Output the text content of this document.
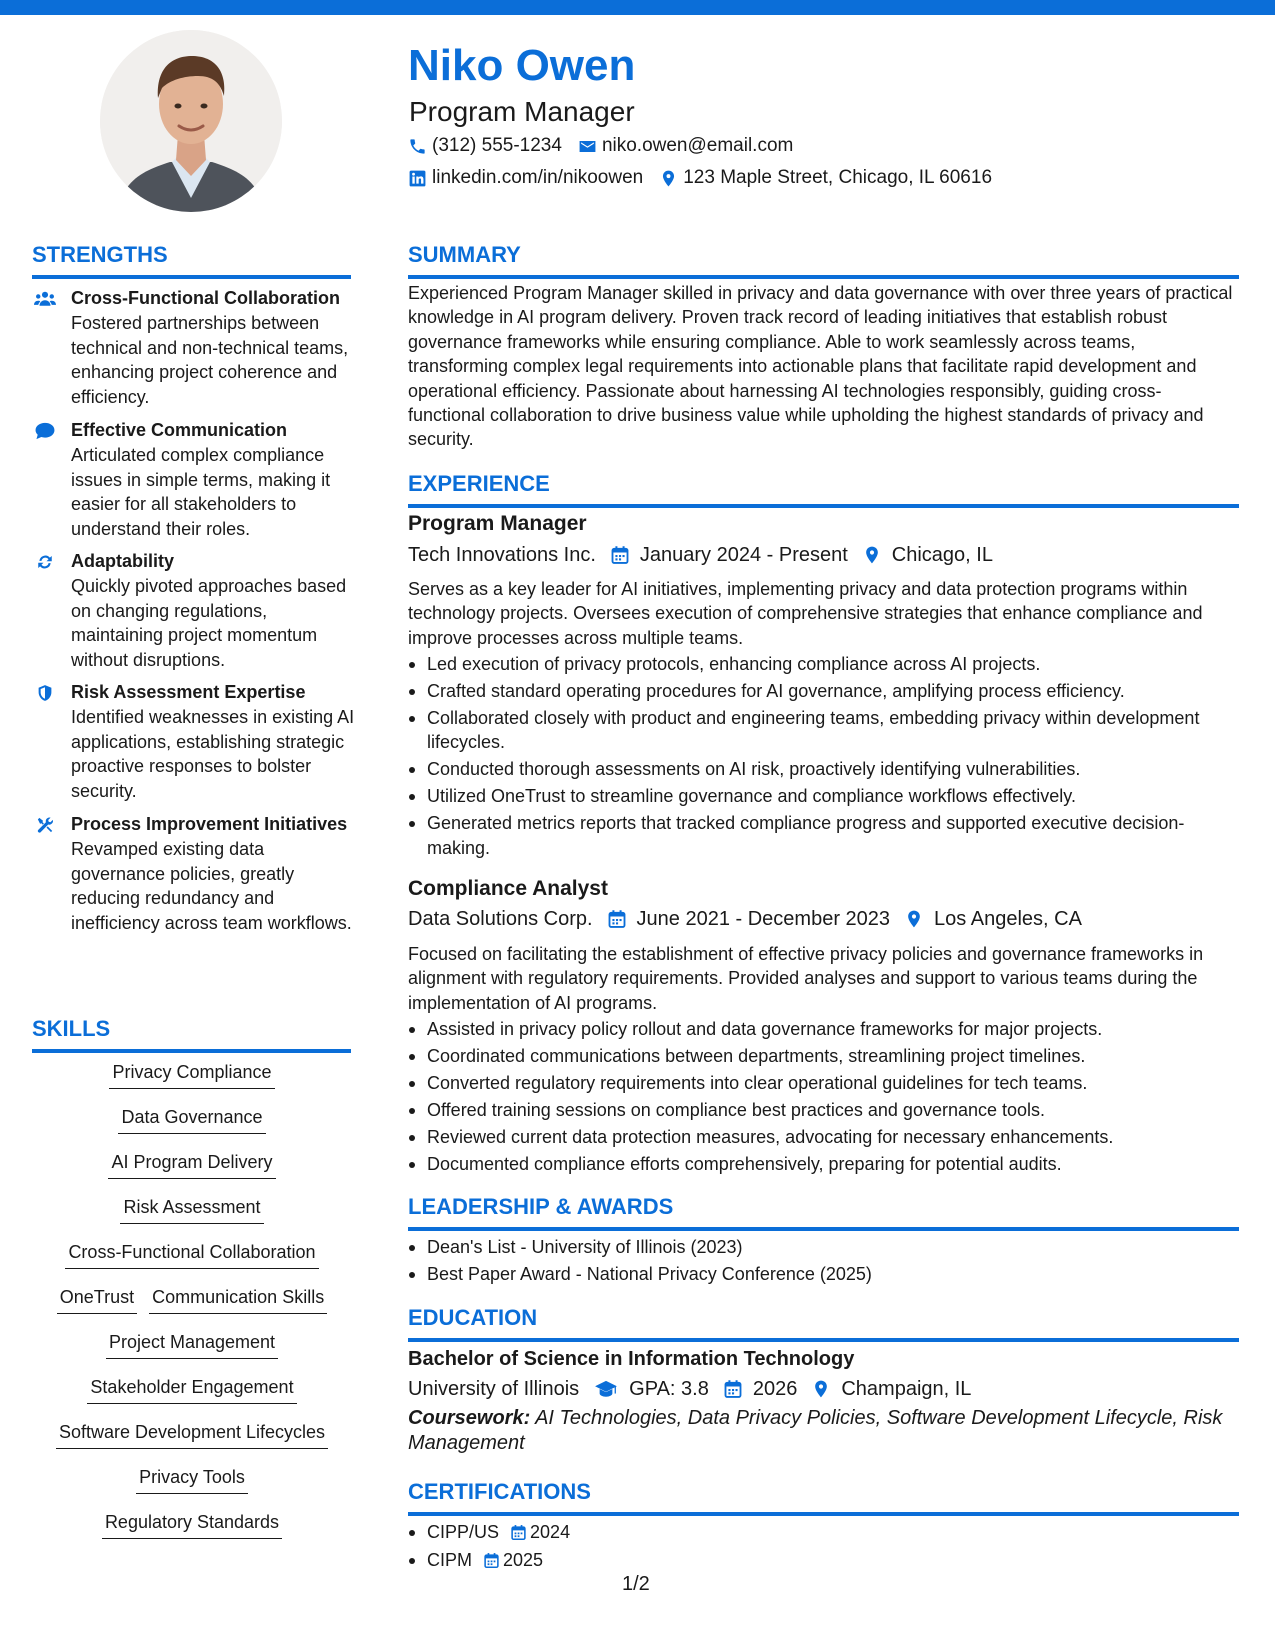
Niko Owen
Program Manager
(312) 555-1234 niko.owen@email.com
linkedin.com/in/nikoowen 123 Maple Street, Chicago, IL 60616
STRENGTHS
Cross-Functional Collaboration
Fostered partnerships between technical and non-technical teams, enhancing project coherence and efficiency.
Effective Communication
Articulated complex compliance issues in simple terms, making it easier for all stakeholders to understand their roles.
Adaptability
Quickly pivoted approaches based on changing regulations, maintaining project momentum without disruptions.
Risk Assessment Expertise
Identified weaknesses in existing AI applications, establishing strategic proactive responses to bolster security.
Process Improvement Initiatives
Revamped existing data governance policies, greatly reducing redundancy and inefficiency across team workflows.
SKILLS
Privacy Compliance
Data Governance
AI Program Delivery
Risk Assessment
Cross-Functional Collaboration
OneTrust Communication Skills
Project Management
Stakeholder Engagement
Software Development Lifecycles
Privacy Tools
Regulatory Standards
SUMMARY
Experienced Program Manager skilled in privacy and data governance with over three years of practical knowledge in AI program delivery. Proven track record of leading initiatives that establish robust governance frameworks while ensuring compliance. Able to work seamlessly across teams, transforming complex legal requirements into actionable plans that facilitate rapid development and operational efficiency. Passionate about harnessing AI technologies responsibly, guiding cross-functional collaboration to drive business value while upholding the highest standards of privacy and security.
EXPERIENCE
Program Manager
Tech Innovations Inc. January 2024 - Present Chicago, IL
Serves as a key leader for AI initiatives, implementing privacy and data protection programs within technology projects. Oversees execution of comprehensive strategies that enhance compliance and improve processes across multiple teams.
Led execution of privacy protocols, enhancing compliance across AI projects.
Crafted standard operating procedures for AI governance, amplifying process efficiency.
Collaborated closely with product and engineering teams, embedding privacy within development lifecycles.
Conducted thorough assessments on AI risk, proactively identifying vulnerabilities.
Utilized OneTrust to streamline governance and compliance workflows effectively.
Generated metrics reports that tracked compliance progress and supported executive decision-making.
Compliance Analyst
Data Solutions Corp. June 2021 - December 2023 Los Angeles, CA
Focused on facilitating the establishment of effective privacy policies and governance frameworks in alignment with regulatory requirements. Provided analyses and support to various teams during the implementation of AI programs.
Assisted in privacy policy rollout and data governance frameworks for major projects.
Coordinated communications between departments, streamlining project timelines.
Converted regulatory requirements into clear operational guidelines for tech teams.
Offered training sessions on compliance best practices and governance tools.
Reviewed current data protection measures, advocating for necessary enhancements.
Documented compliance efforts comprehensively, preparing for potential audits.
LEADERSHIP & AWARDS
Dean's List - University of Illinois (2023)
Best Paper Award - National Privacy Conference (2025)
EDUCATION
Bachelor of Science in Information Technology
University of Illinois	GPA: 3.8 2026 Champaign, IL
Coursework: AI Technologies, Data Privacy Policies, Software Development Lifecycle, Risk Management
CERTIFICATIONS
CIPP/US 2024
CIPM 2025
1/2
